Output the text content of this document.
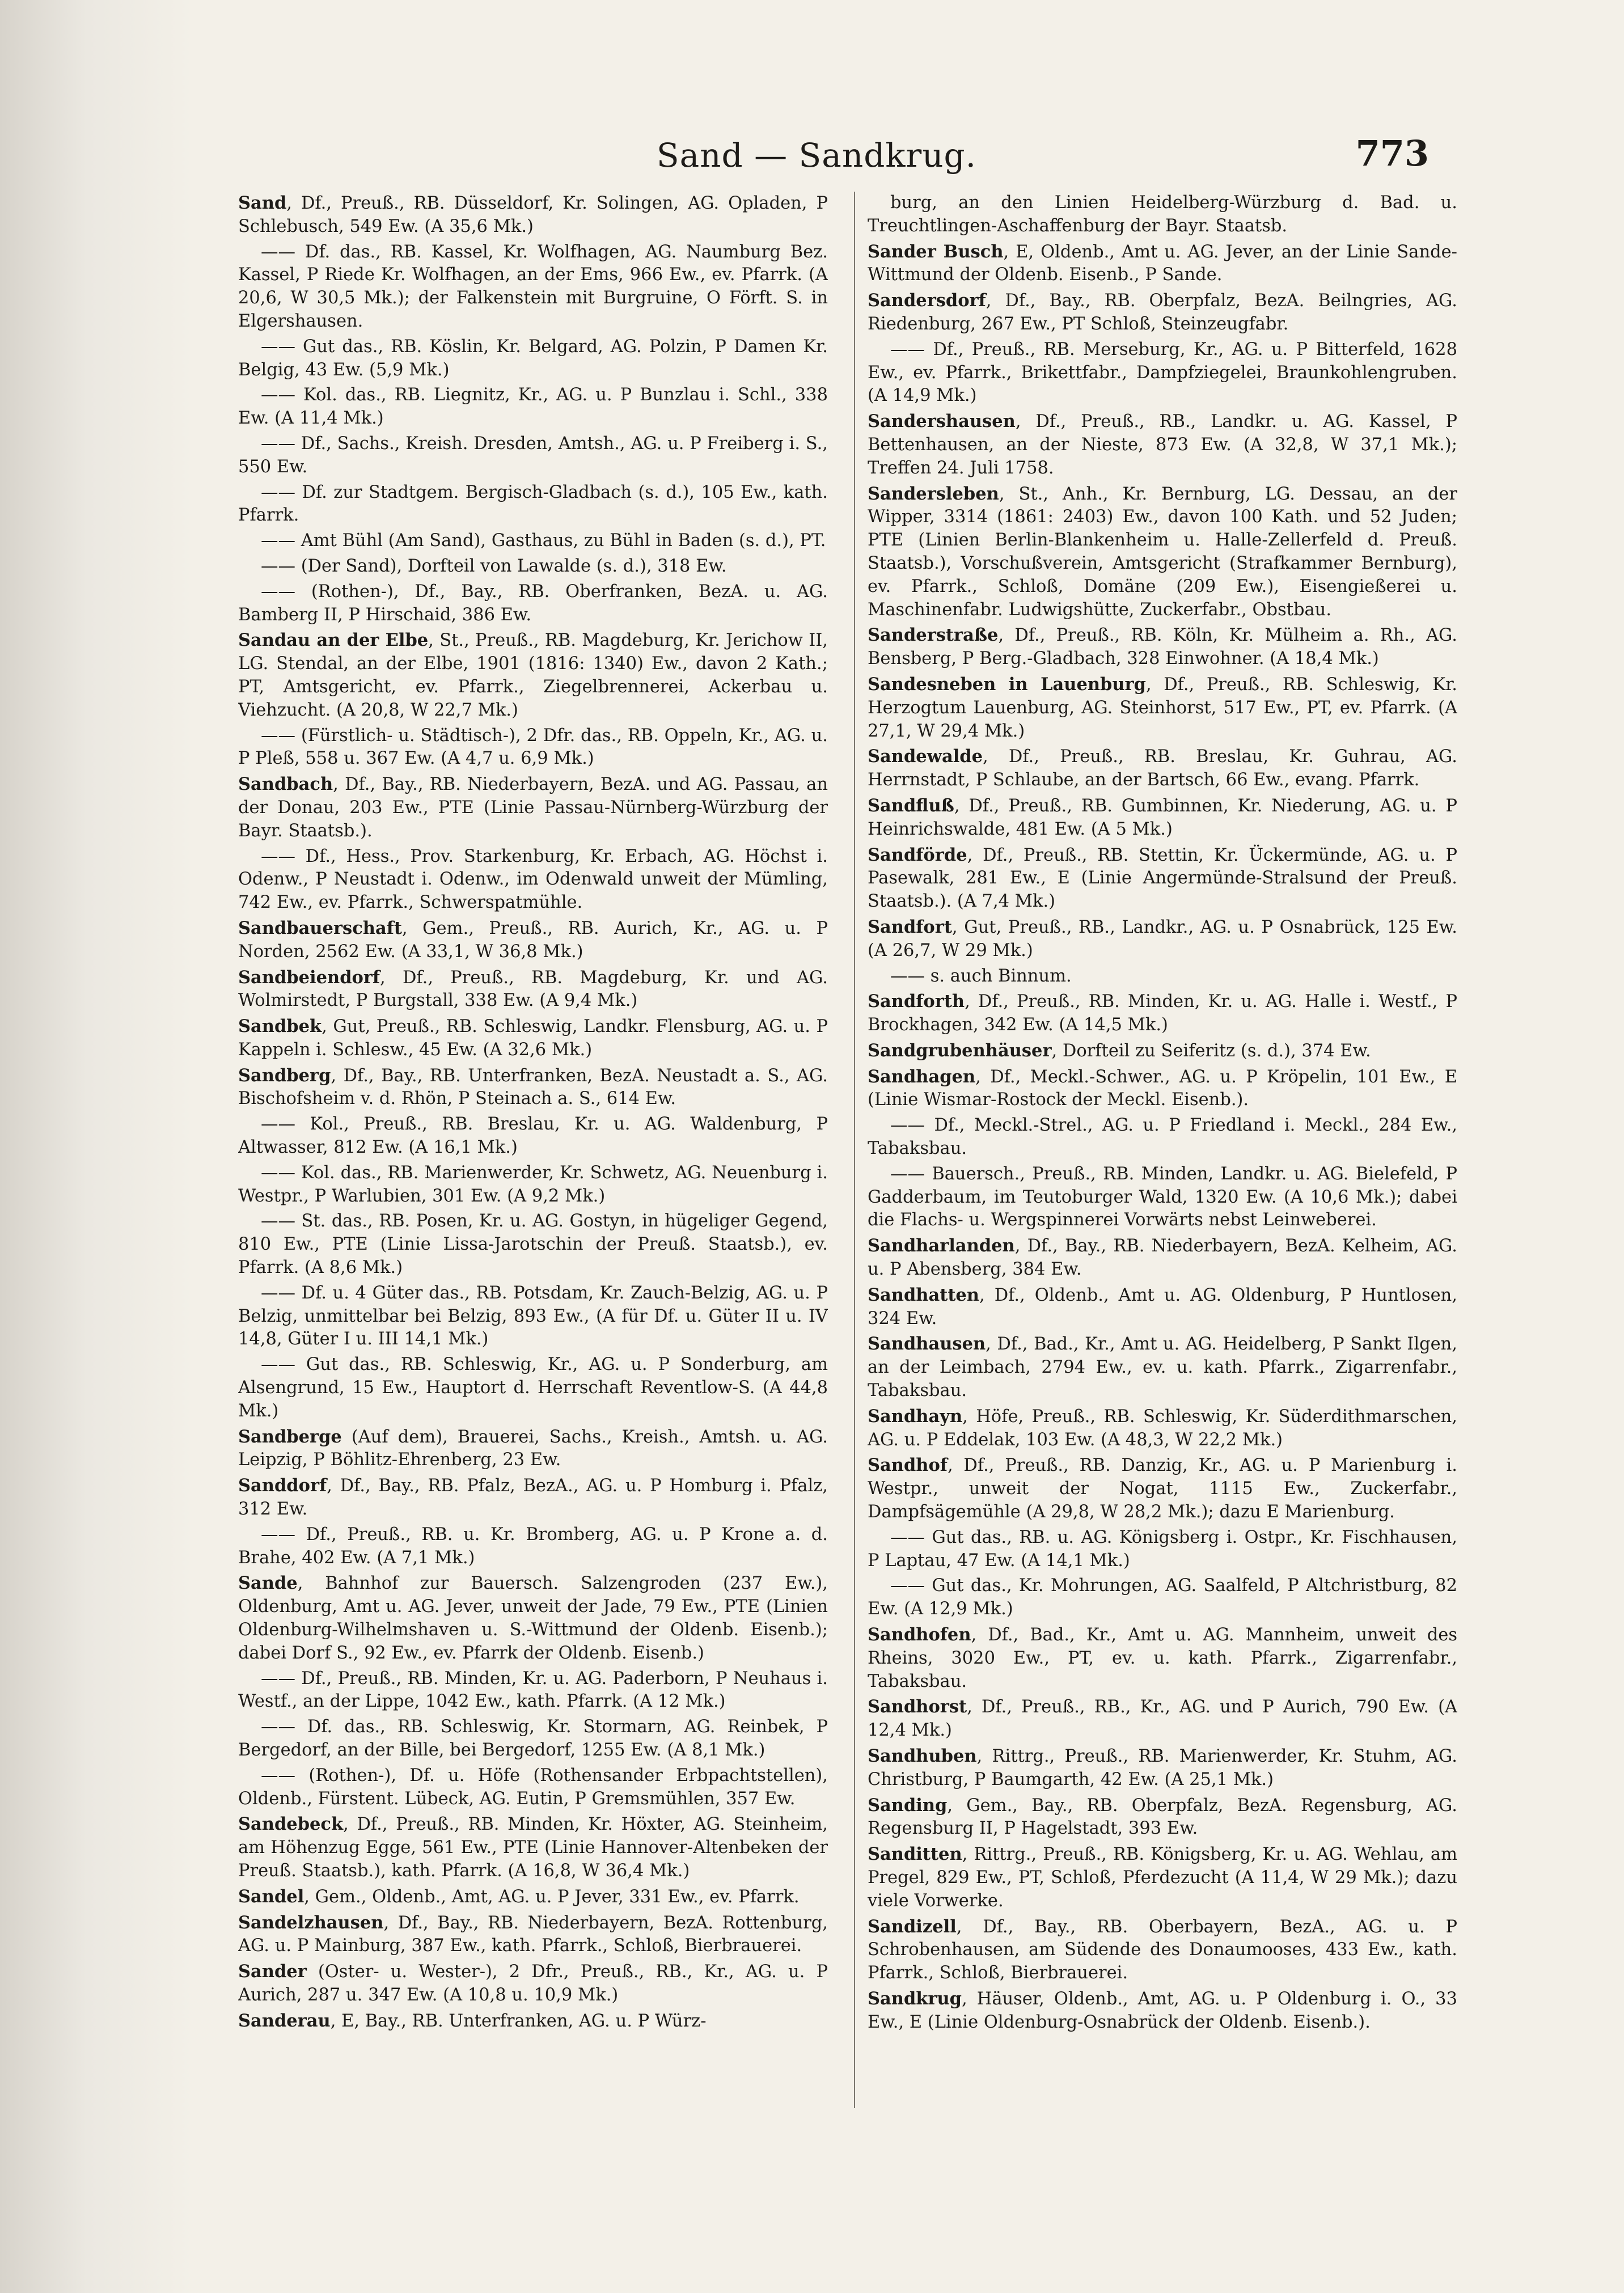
Sand — Sandkrug.	773

Sand, Df., Preuß., RB. Düsseldorf, Kr. Solingen, AG. Opladen, P Schlebusch, 549 Ew. (A 35,6 Mk.)

—— Df. das., RB. Kassel, Kr. Wolfhagen, AG. Naumburg Bez. Kassel, P Riede Kr. Wolfhagen, an der Ems, 966 Ew., ev. Pfarrk. (A 20,6, W 30,5 Mk.); der Falkenstein mit Burgruine, O Förft. S. in Elgershausen.

—— Gut das., RB. Köslin, Kr. Belgard, AG. Polzin, P Damen Kr. Belgig, 43 Ew. (5,9 Mk.)

—— Kol. das., RB. Liegnitz, Kr., AG. u. P Bunzlau i. Schl., 338 Ew. (A 11,4 Mk.)

—— Df., Sachs., Kreish. Dresden, Amtsh., AG. u. P Freiberg i. S., 550 Ew.

—— Df. zur Stadtgem. Bergisch-Gladbach (s. d.), 105 Ew., kath. Pfarrk.

—— Amt Bühl (Am Sand), Gasthaus, zu Bühl in Baden (s. d.), PT.

—— (Der Sand), Dorfteil von Lawalde (s. d.), 318 Ew.

—— (Rothen-), Df., Bay., RB. Oberfranken, BezA. u. AG. Bamberg II, P Hirschaid, 386 Ew.

Sandau an der Elbe, St., Preuß., RB. Magdeburg, Kr. Jerichow II, LG. Stendal, an der Elbe, 1901 (1816: 1340) Ew., davon 2 Kath.; PT, Amtsgericht, ev. Pfarrk., Ziegelbrennerei, Ackerbau u. Viehzucht. (A 20,8, W 22,7 Mk.)

—— (Fürstlich- u. Städtisch-), 2 Dfr. das., RB. Oppeln, Kr., AG. u. P Pleß, 558 u. 367 Ew. (A 4,7 u. 6,9 Mk.)

Sandbach, Df., Bay., RB. Niederbayern, BezA. und AG. Passau, an der Donau, 203 Ew., PTE (Linie Passau-Nürnberg-Würzburg der Bayr. Staatsb.).

—— Df., Hess., Prov. Starkenburg, Kr. Erbach, AG. Höchst i. Odenw., P Neustadt i. Odenw., im Odenwald unweit der Mümling, 742 Ew., ev. Pfarrk., Schwerspatmühle.

Sandbauerschaft, Gem., Preuß., RB. Aurich, Kr., AG. u. P Norden, 2562 Ew. (A 33,1, W 36,8 Mk.)

Sandbeiendorf, Df., Preuß., RB. Magdeburg, Kr. und AG. Wolmirstedt, P Burgstall, 338 Ew. (A 9,4 Mk.)

Sandbek, Gut, Preuß., RB. Schleswig, Landkr. Flensburg, AG. u. P Kappeln i. Schlesw., 45 Ew. (A 32,6 Mk.)

Sandberg, Df., Bay., RB. Unterfranken, BezA. Neustadt a. S., AG. Bischofsheim v. d. Rhön, P Steinach a. S., 614 Ew.

—— Kol., Preuß., RB. Breslau, Kr. u. AG. Waldenburg, P Altwasser, 812 Ew. (A 16,1 Mk.)

—— Kol. das., RB. Marienwerder, Kr. Schwetz, AG. Neuenburg i. Westpr., P Warlubien, 301 Ew. (A 9,2 Mk.)

—— St. das., RB. Posen, Kr. u. AG. Gostyn, in hügeliger Gegend, 810 Ew., PTE (Linie Lissa-Jarotschin der Preuß. Staatsb.), ev. Pfarrk. (A 8,6 Mk.)

—— Df. u. 4 Güter das., RB. Potsdam, Kr. Zauch-Belzig, AG. u. P Belzig, unmittelbar bei Belzig, 893 Ew., (A für Df. u. Güter II u. IV 14,8, Güter I u. III 14,1 Mk.)

—— Gut das., RB. Schleswig, Kr., AG. u. P Sonderburg, am Alsengrund, 15 Ew., Hauptort d. Herrschaft Reventlow-S. (A 44,8 Mk.)

Sandberge (Auf dem), Brauerei, Sachs., Kreish., Amtsh. u. AG. Leipzig, P Böhlitz-Ehrenberg, 23 Ew.

Sanddorf, Df., Bay., RB. Pfalz, BezA., AG. u. P Homburg i. Pfalz, 312 Ew.

—— Df., Preuß., RB. u. Kr. Bromberg, AG. u. P Krone a. d. Brahe, 402 Ew. (A 7,1 Mk.)

Sande, Bahnhof zur Bauersch. Salzengroden (237 Ew.), Oldenburg, Amt u. AG. Jever, unweit der Jade, 79 Ew., PTE (Linien Oldenburg-Wilhelmshaven u. S.-Wittmund der Oldenb. Eisenb.); dabei Dorf S., 92 Ew., ev. Pfarrk der Oldenb. Eisenb.)

—— Df., Preuß., RB. Minden, Kr. u. AG. Paderborn, P Neuhaus i. Westf., an der Lippe, 1042 Ew., kath. Pfarrk. (A 12 Mk.)

—— Df. das., RB. Schleswig, Kr. Stormarn, AG. Reinbek, P Bergedorf, an der Bille, bei Bergedorf, 1255 Ew. (A 8,1 Mk.)

—— (Rothen-), Df. u. Höfe (Rothensander Erbpachtstellen), Oldenb., Fürstent. Lübeck, AG. Eutin, P Gremsmühlen, 357 Ew.

Sandebeck, Df., Preuß., RB. Minden, Kr. Höxter, AG. Steinheim, am Höhenzug Egge, 561 Ew., PTE (Linie Hannover-Altenbeken der Preuß. Staatsb.), kath. Pfarrk. (A 16,8, W 36,4 Mk.)

Sandel, Gem., Oldenb., Amt, AG. u. P Jever, 331 Ew., ev. Pfarrk.

Sandelzhausen, Df., Bay., RB. Niederbayern, BezA. Rottenburg, AG. u. P Mainburg, 387 Ew., kath. Pfarrk., Schloß, Bierbrauerei.

Sander (Oster- u. Wester-), 2 Dfr., Preuß., RB., Kr., AG. u. P Aurich, 287 u. 347 Ew. (A 10,8 u. 10,9 Mk.)

Sanderau, E, Bay., RB. Unterfranken, AG. u. P Würz-

burg, an den Linien Heidelberg-Würzburg d. Bad. u. Treuchtlingen-Aschaffenburg der Bayr. Staatsb.

Sander Busch, E, Oldenb., Amt u. AG. Jever, an der Linie Sande-Wittmund der Oldenb. Eisenb., P Sande.

Sandersdorf, Df., Bay., RB. Oberpfalz, BezA. Beilngries, AG. Riedenburg, 267 Ew., PT Schloß, Steinzeugfabr.

—— Df., Preuß., RB. Merseburg, Kr., AG. u. P Bitterfeld, 1628 Ew., ev. Pfarrk., Brikettfabr., Dampfziegelei, Braunkohlengruben. (A 14,9 Mk.)

Sandershausen, Df., Preuß., RB., Landkr. u. AG. Kassel, P Bettenhausen, an der Nieste, 873 Ew. (A 32,8, W 37,1 Mk.); Treffen 24. Juli 1758.

Sandersleben, St., Anh., Kr. Bernburg, LG. Dessau, an der Wipper, 3314 (1861: 2403) Ew., davon 100 Kath. und 52 Juden; PTE (Linien Berlin-Blankenheim u. Halle-Zellerfeld d. Preuß. Staatsb.), Vorschußverein, Amtsgericht (Strafkammer Bernburg), ev. Pfarrk., Schloß, Domäne (209 Ew.), Eisengießerei u. Maschinenfabr. Ludwigshütte, Zuckerfabr., Obstbau.

Sanderstraße, Df., Preuß., RB. Köln, Kr. Mülheim a. Rh., AG. Bensberg, P Berg.-Gladbach, 328 Einwohner. (A 18,4 Mk.)

Sandesneben in Lauenburg, Df., Preuß., RB. Schleswig, Kr. Herzogtum Lauenburg, AG. Steinhorst, 517 Ew., PT, ev. Pfarrk. (A 27,1, W 29,4 Mk.)

Sandewalde, Df., Preuß., RB. Breslau, Kr. Guhrau, AG. Herrnstadt, P Schlaube, an der Bartsch, 66 Ew., evang. Pfarrk.

Sandfluß, Df., Preuß., RB. Gumbinnen, Kr. Niederung, AG. u. P Heinrichswalde, 481 Ew. (A 5 Mk.)

Sandförde, Df., Preuß., RB. Stettin, Kr. Ückermünde, AG. u. P Pasewalk, 281 Ew., E (Linie Angermünde-Stralsund der Preuß. Staatsb.). (A 7,4 Mk.)

Sandfort, Gut, Preuß., RB., Landkr., AG. u. P Osnabrück, 125 Ew. (A 26,7, W 29 Mk.)

—— s. auch Binnum.

Sandforth, Df., Preuß., RB. Minden, Kr. u. AG. Halle i. Westf., P Brockhagen, 342 Ew. (A 14,5 Mk.)

Sandgrubenhäuser, Dorfteil zu Seiferitz (s. d.), 374 Ew.

Sandhagen, Df., Meckl.-Schwer., AG. u. P Kröpelin, 101 Ew., E (Linie Wismar-Rostock der Meckl. Eisenb.).

—— Df., Meckl.-Strel., AG. u. P Friedland i. Meckl., 284 Ew., Tabaksbau.

—— Bauersch., Preuß., RB. Minden, Landkr. u. AG. Bielefeld, P Gadderbaum, im Teutoburger Wald, 1320 Ew. (A 10,6 Mk.); dabei die Flachs- u. Wergspinnerei Vorwärts nebst Leinweberei.

Sandharlanden, Df., Bay., RB. Niederbayern, BezA. Kelheim, AG. u. P Abensberg, 384 Ew.

Sandhatten, Df., Oldenb., Amt u. AG. Oldenburg, P Huntlosen, 324 Ew.

Sandhausen, Df., Bad., Kr., Amt u. AG. Heidelberg, P Sankt Ilgen, an der Leimbach, 2794 Ew., ev. u. kath. Pfarrk., Zigarrenfabr., Tabaksbau.

Sandhayn, Höfe, Preuß., RB. Schleswig, Kr. Süderdithmarschen, AG. u. P Eddelak, 103 Ew. (A 48,3, W 22,2 Mk.)

Sandhof, Df., Preuß., RB. Danzig, Kr., AG. u. P Marienburg i. Westpr., unweit der Nogat, 1115 Ew., Zuckerfabr., Dampfsägemühle (A 29,8, W 28,2 Mk.); dazu E Marienburg.

—— Gut das., RB. u. AG. Königsberg i. Ostpr., Kr. Fischhausen, P Laptau, 47 Ew. (A 14,1 Mk.)

—— Gut das., Kr. Mohrungen, AG. Saalfeld, P Altchristburg, 82 Ew. (A 12,9 Mk.)

Sandhofen, Df., Bad., Kr., Amt u. AG. Mannheim, unweit des Rheins, 3020 Ew., PT, ev. u. kath. Pfarrk., Zigarrenfabr., Tabaksbau.

Sandhorst, Df., Preuß., RB., Kr., AG. und P Aurich, 790 Ew. (A 12,4 Mk.)

Sandhuben, Rittrg., Preuß., RB. Marienwerder, Kr. Stuhm, AG. Christburg, P Baumgarth, 42 Ew. (A 25,1 Mk.)

Sanding, Gem., Bay., RB. Oberpfalz, BezA. Regensburg, AG. Regensburg II, P Hagelstadt, 393 Ew.

Sanditten, Rittrg., Preuß., RB. Königsberg, Kr. u. AG. Wehlau, am Pregel, 829 Ew., PT, Schloß, Pferdezucht (A 11,4, W 29 Mk.); dazu viele Vorwerke.

Sandizell, Df., Bay., RB. Oberbayern, BezA., AG. u. P Schrobenhausen, am Südende des Donaumooses, 433 Ew., kath. Pfarrk., Schloß, Bierbrauerei.

Sandkrug, Häuser, Oldenb., Amt, AG. u. P Oldenburg i. O., 33 Ew., E (Linie Oldenburg-Osnabrück der Oldenb. Eisenb.).
